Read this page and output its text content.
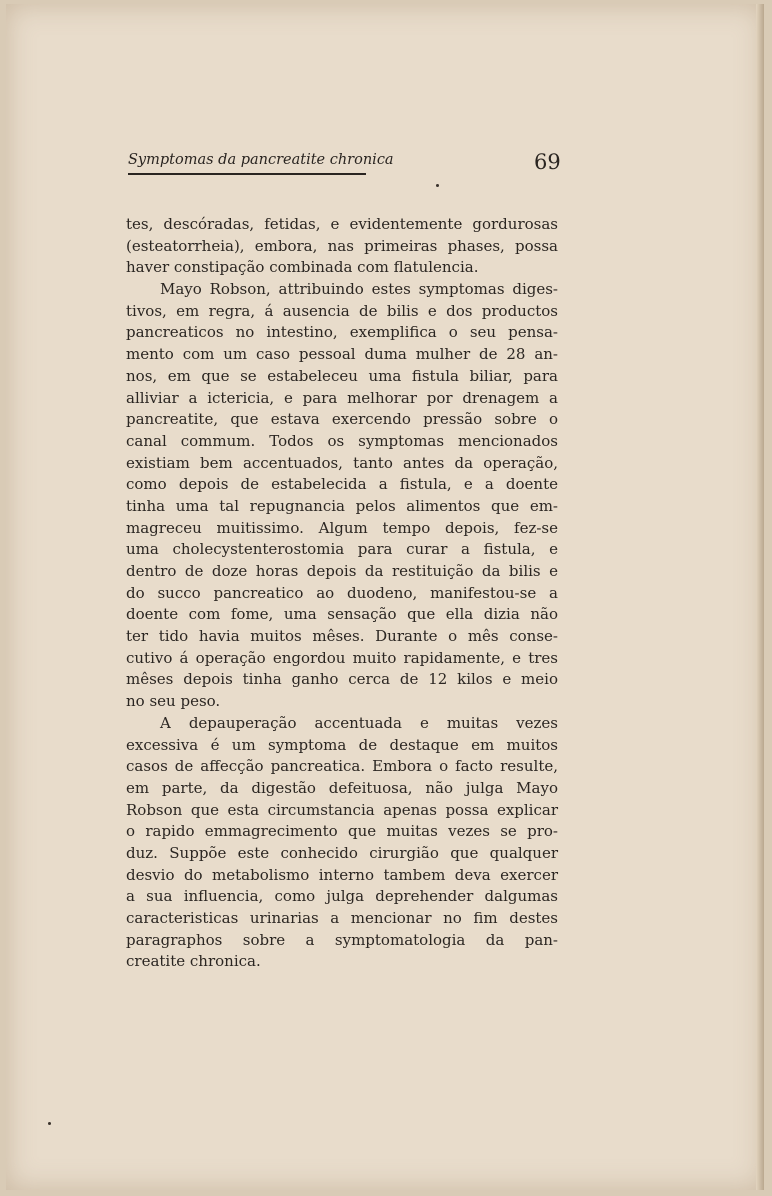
Symptomas da pancreatite chronica	69
tes, descóradas, fetidas, e evidentemente gordurosas
(esteatorrheia), embora, nas primeiras phases, possa
haver constipação combinada com flatulencia.
Mayo Robson, attribuindo estes symptomas diges-
tivos, em regra, á ausencia de bilis e dos productos
pancreaticos no intestino, exemplifica o seu pensa-
mento com um caso pessoal duma mulher de 28 an-
nos, em que se estabeleceu uma fistula biliar, para
alliviar a ictericia, e para melhorar por drenagem a
pancreatite, que estava exercendo pressão sobre o
canal commum. Todos os symptomas mencionados
existiam bem accentuados, tanto antes da operação,
como depois de estabelecida a fistula, e a doente
tinha uma tal repugnancia pelos alimentos que em-
magreceu muitissimo. Algum tempo depois, fez-se
uma cholecystenterostomia para curar a fistula, e
dentro de doze horas depois da restituição da bilis e
do succo pancreatico ao duodeno, manifestou-se a
doente com fome, uma sensação que ella dizia não
ter tido havia muitos mêses. Durante o mês conse-
cutivo á operação engordou muito rapidamente, e tres
mêses depois tinha ganho cerca de 12 kilos e meio
no seu peso.
A depauperação accentuada e muitas vezes
excessiva é um symptoma de destaque em muitos
casos de affecção pancreatica. Embora o facto resulte,
em parte, da digestão defeituosa, não julga Mayo
Robson que esta circumstancia apenas possa explicar
o rapido emmagrecimento que muitas vezes se pro-
duz. Suppõe este conhecido cirurgião que qualquer
desvio do metabolismo interno tambem deva exercer
a sua influencia, como julga deprehender dalgumas
caracteristicas urinarias a mencionar no fim destes
paragraphos sobre a symptomatologia da pan-
creatite chronica.
